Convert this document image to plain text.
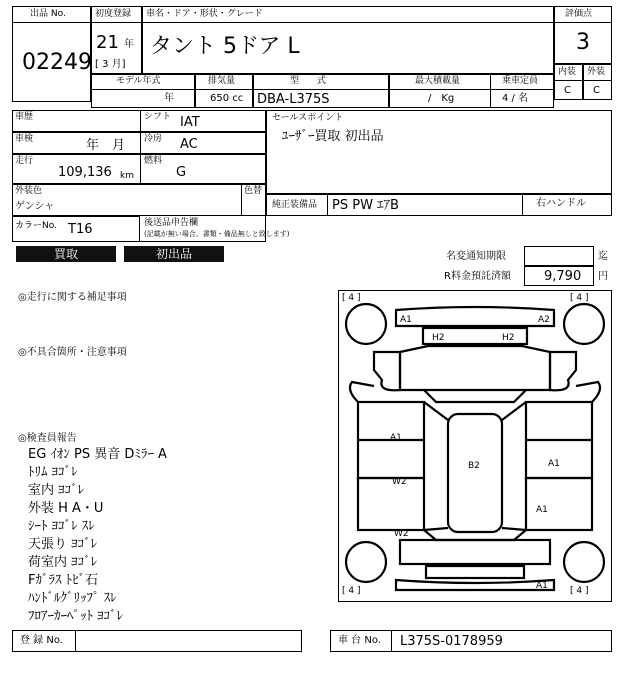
出品 No.
02249
初度登録
21 年
[ 3 月]
車名・ドア・形状・グレード
タント 5ドア L
評価点
3
モデル年式
年
排気量
650 cc
型　　式
DBA-L375S
最大積載量
/　Kg
乗車定員
4 / 名
内装 外装
C C
車歴	シフト IAT
車検	年　月 冷房 AC
走行
109,136 km
燃料
G
外装色
ゲンシャ
色替
カラーNo. T16	後送品申告欄
(記載が無い場合、書類・備品無しと致します)
セールスポイント
ﾕｰｻﾞｰ買取 初出品
純正装備品 PS PW ｴｱB	右ハンドル
買取	初出品	名変通知期限	迄
R料金預託済額	9,790 円
◎走行に関する補足事項
◎不具合箇所・注意事項
◎検査員報告
EG ｲｵﾝ PS 異音 Dﾐﾗｰ A
ﾄﾘﾑ ﾖｺﾞﾚ
室内 ﾖｺﾞﾚ
外装 H A・U
ｼｰﾄ ﾖｺﾞﾚ ｽﾚ
天張り ﾖｺﾞﾚ
荷室内 ﾖｺﾞﾚ
Fｶﾞﾗｽ ﾄﾋﾞ石
ﾊﾝﾄﾞﾙｸﾞﾘｯﾌﾟ ｽﾚ
ﾌﾛｱｰｶｰﾍﾟｯﾄ ﾖｺﾞﾚ
[ 4 ]	[ 4 ]
[ 4 ]	[ 4 ]
A1	A2
H2	H2
A1
B2	A1
W2
A1
W2
A1
登 録 No.	車 台 No. L375S-0178959
